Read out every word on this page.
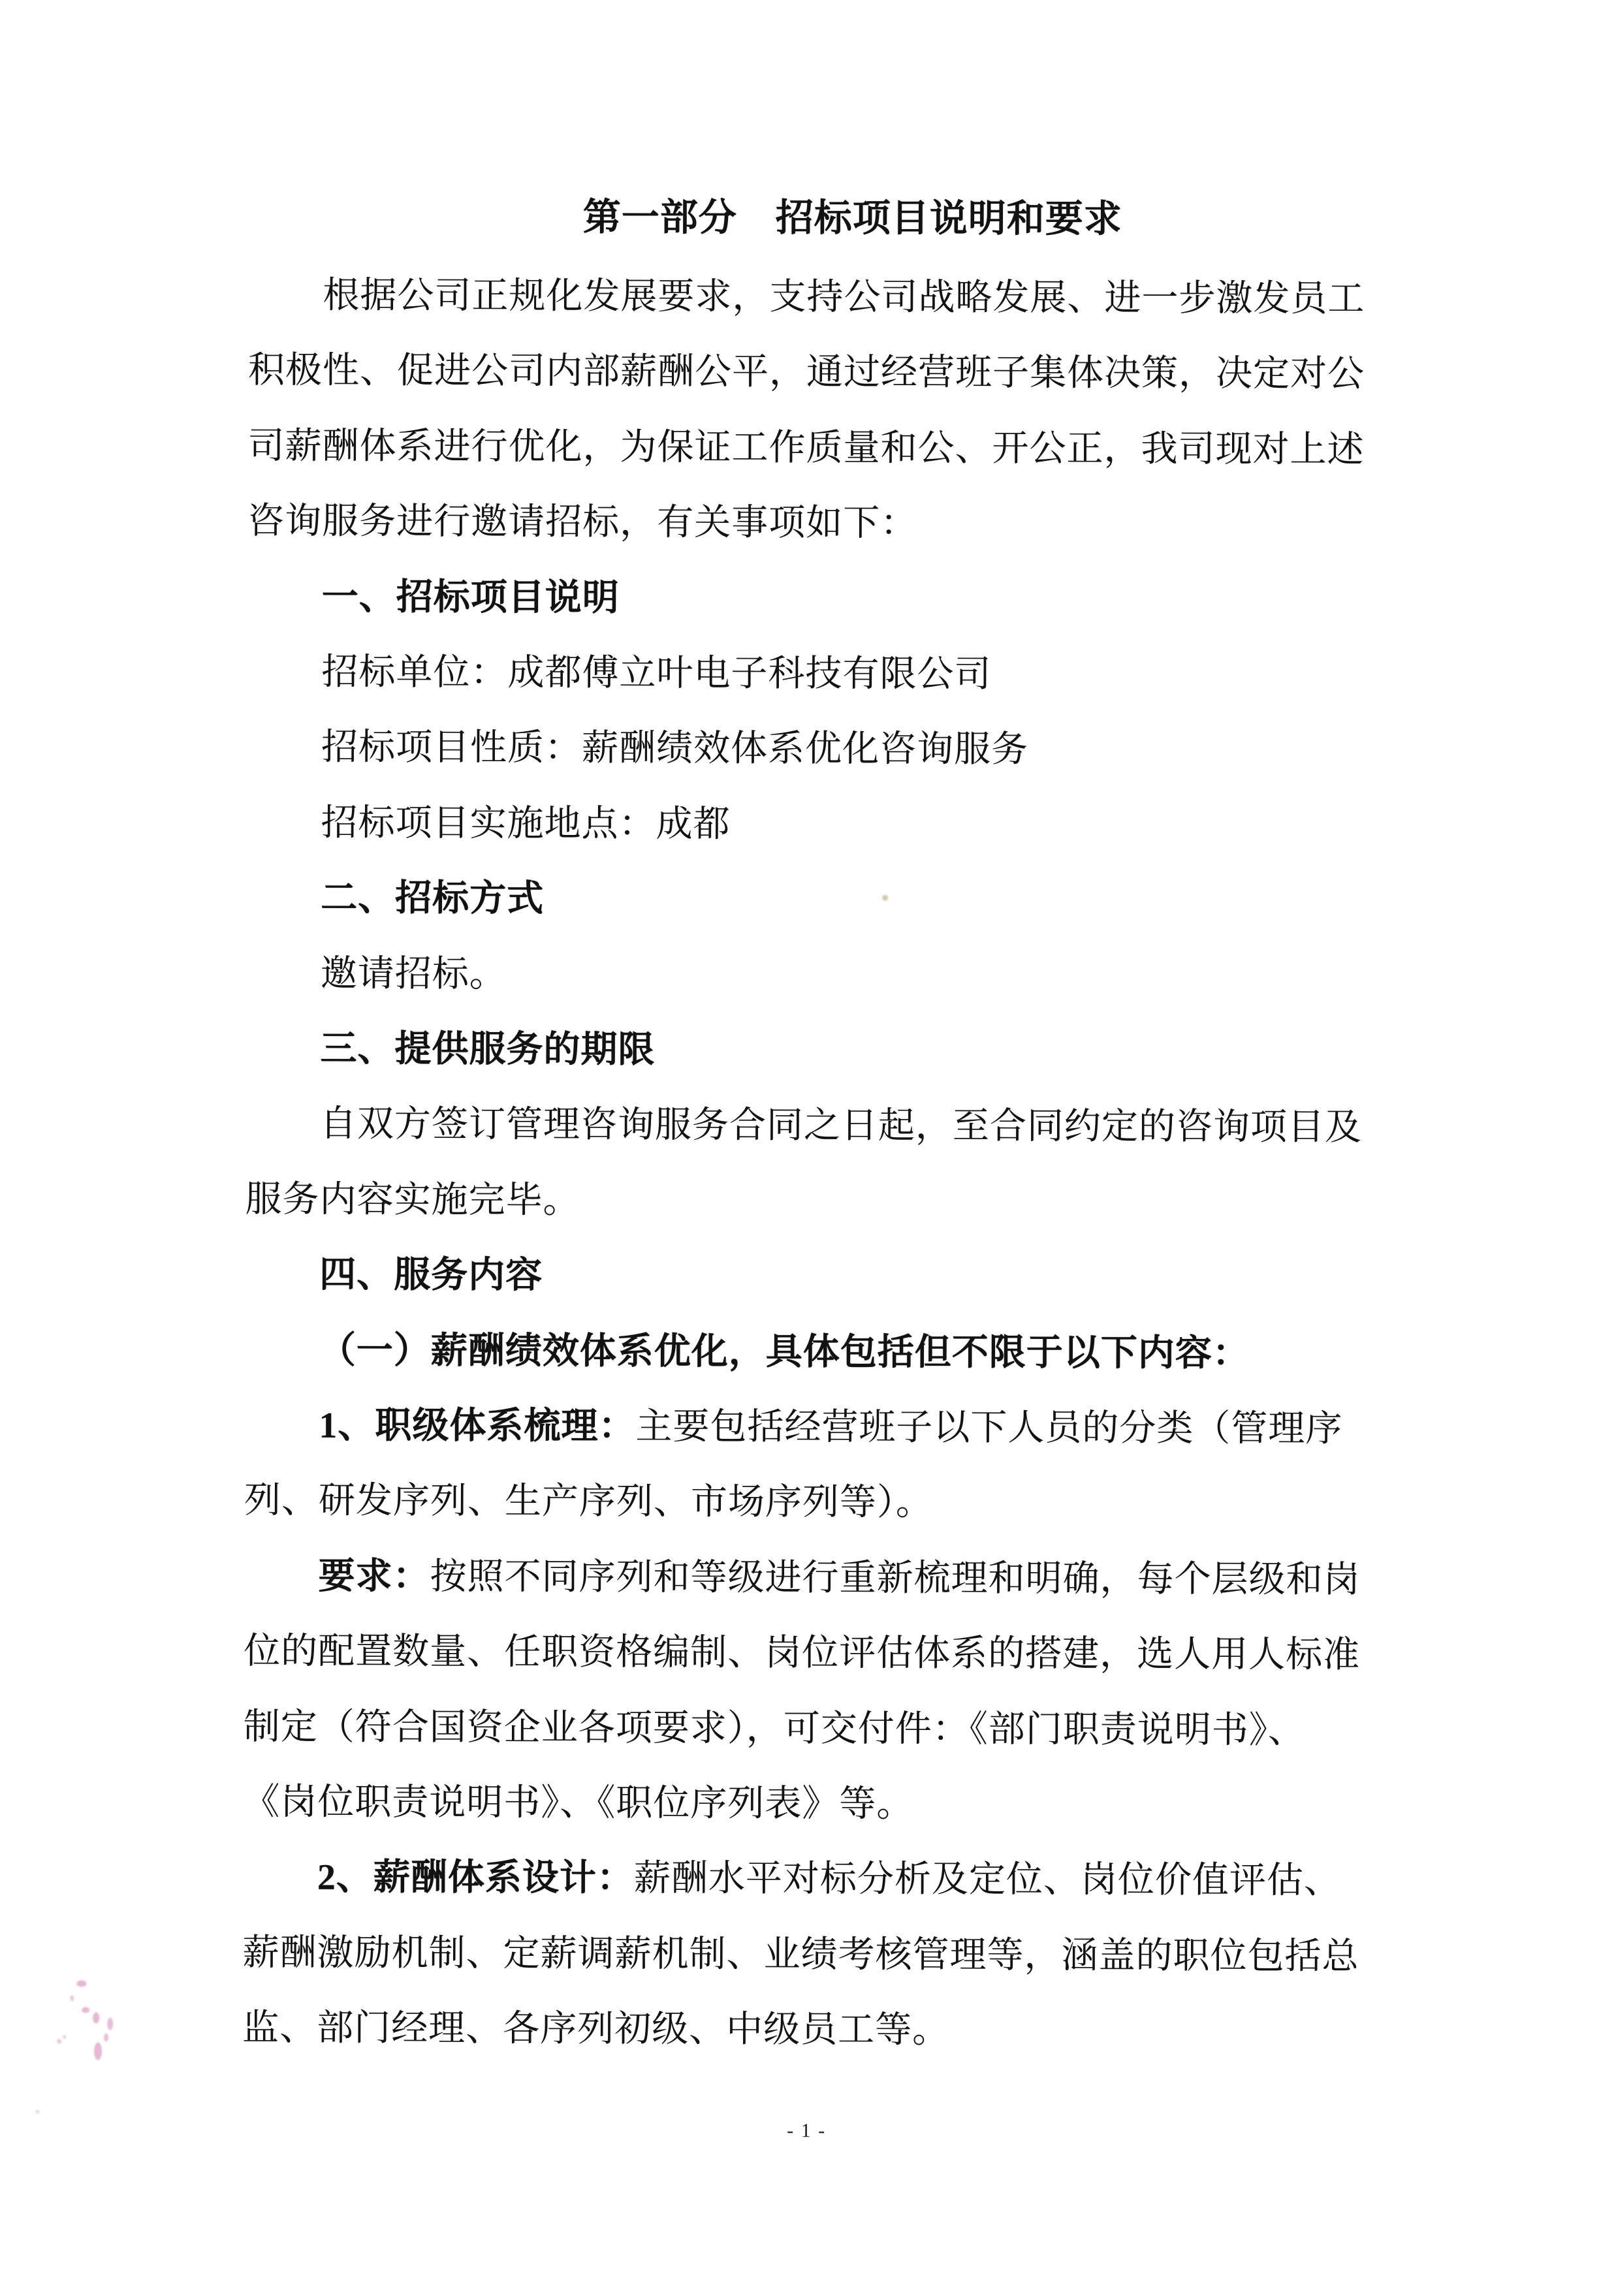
第一部分　招标项目说明和要求
根据公司正规化发展要求，支持公司战略发展、进一步激发员工
积极性、促进公司内部薪酬公平，通过经营班子集体决策，决定对公
司薪酬体系进行优化，为保证工作质量和公、开公正，我司现对上述
咨询服务进行邀请招标，有关事项如下：
一、招标项目说明
招标单位：成都傅立叶电子科技有限公司
招标项目性质：薪酬绩效体系优化咨询服务
招标项目实施地点：成都
二、招标方式
邀请招标。
三、提供服务的期限
自双方签订管理咨询服务合同之日起，至合同约定的咨询项目及
服务内容实施完毕。
四、服务内容
（一）薪酬绩效体系优化，具体包括但不限于以下内容：
1、职级体系梳理：主要包括经营班子以下人员的分类（管理序
列、研发序列、生产序列、市场序列等）。
要求：按照不同序列和等级进行重新梳理和明确，每个层级和岗
位的配置数量、任职资格编制、岗位评估体系的搭建，选人用人标准
制定（符合国资企业各项要求），可交付件：《部门职责说明书》、
《岗位职责说明书》、《职位序列表》等。
2、薪酬体系设计：薪酬水平对标分析及定位、岗位价值评估、
薪酬激励机制、定薪调薪机制、业绩考核管理等，涵盖的职位包括总
监、部门经理、各序列初级、中级员工等。
- 1 -
